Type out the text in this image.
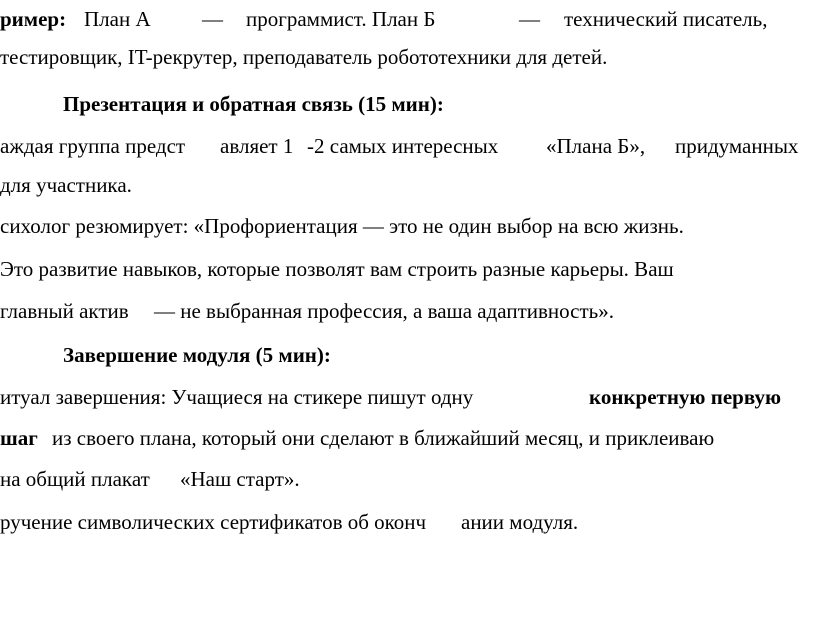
ример: План А — программист. План Б	— технический писатель,
тестировщик, IT-рекрутер, преподаватель робототехники для детей.
Презентация и обратная связь (15 мин):
аждая группа предст авляет 1 -2 самых интересных «Плана Б», придуманных
для участника.
сихолог резюмирует: «Профориентация — это не один выбор на всю жизнь.
Это развитие навыков, которые позволят вам строить разные карьеры. Ваш
главный актив — не выбранная профессия, а ваша адаптивность».
Завершение модуля (5 мин):
итуал завершения: Учащиеся на стикере пишут одну	конкретную первую
шаг из своего плана, который они сделают в ближайший месяц, и приклеиваю
на общий плакат «Наш старт».
ручение символических сертификатов об оконч ании модуля.
